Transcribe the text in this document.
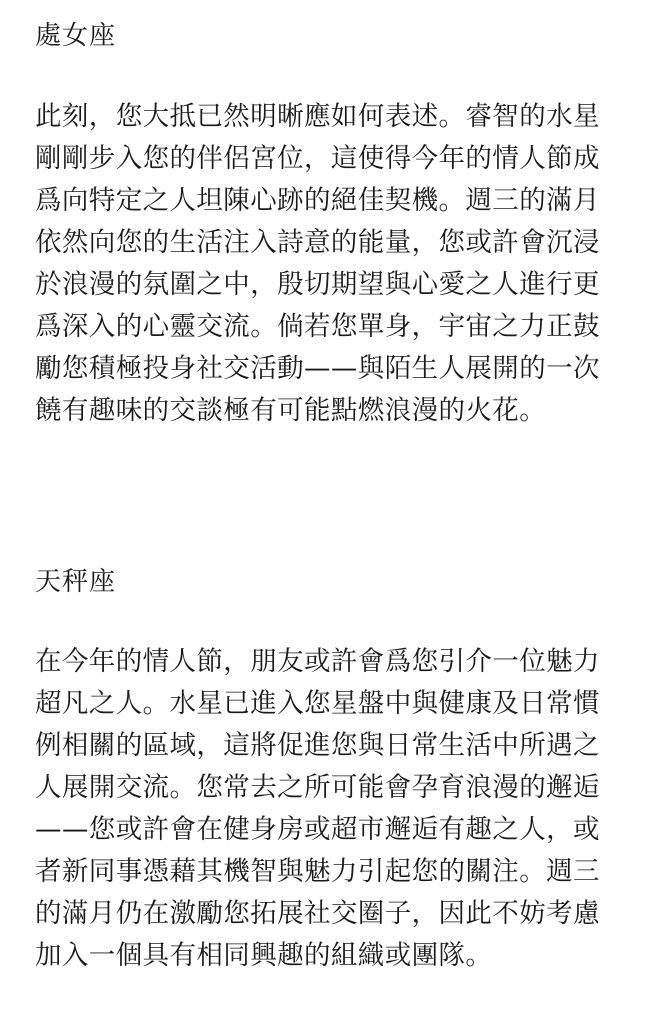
處女座
此刻，您大抵已然明晰應如何表述。睿智的水星
剛剛步入您的伴侶宮位，這使得今年的情人節成
爲向特定之人坦陳心跡的絕佳契機。週三的滿月
依然向您的生活注入詩意的能量，您或許會沉浸
於浪漫的氛圍之中，殷切期望與心愛之人進行更
爲深入的心靈交流。倘若您單身，宇宙之力正鼓
勵您積極投身社交活動——與陌生人展開的一次
饒有趣味的交談極有可能點燃浪漫的火花。
天秤座
在今年的情人節，朋友或許會爲您引介一位魅力
超凡之人。水星已進入您星盤中與健康及日常慣
例相關的區域，這將促進您與日常生活中所遇之
人展開交流。您常去之所可能會孕育浪漫的邂逅
——您或許會在健身房或超市邂逅有趣之人，或
者新同事憑藉其機智與魅力引起您的關注。週三
的滿月仍在激勵您拓展社交圈子，因此不妨考慮
加入一個具有相同興趣的組織或團隊。
